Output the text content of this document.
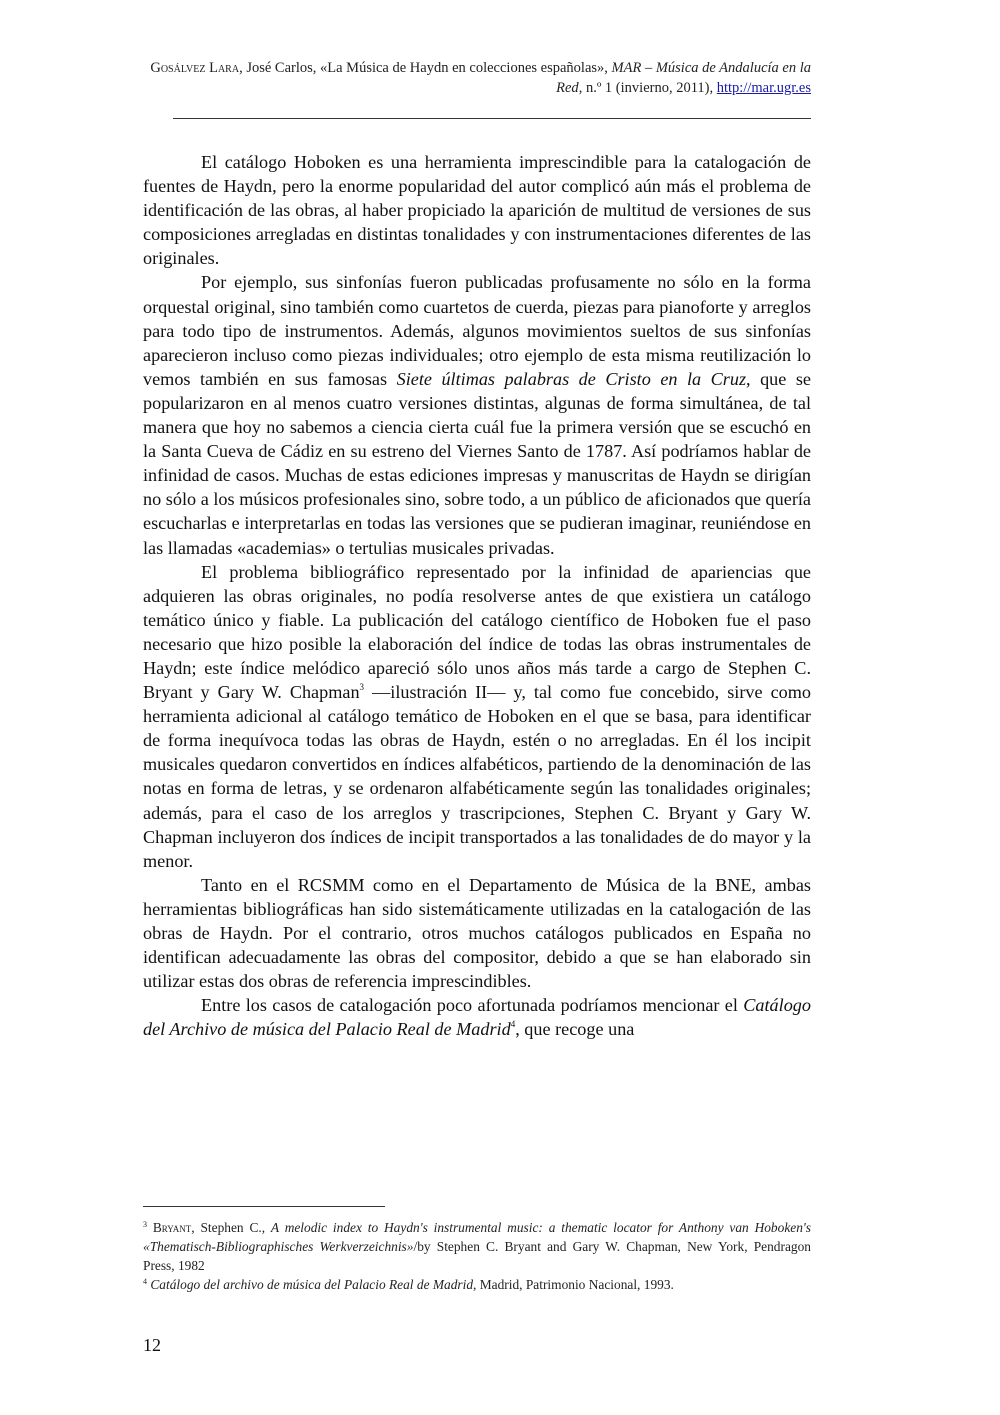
Gosálvez Lara, José Carlos, «La Música de Haydn en colecciones españolas», MAR – Música de Andalucía en la Red, n.º 1 (invierno, 2011), http://mar.ugr.es

El catálogo Hoboken es una herramienta imprescindible para la catalogación de fuentes de Haydn, pero la enorme popularidad del autor complicó aún más el problema de identificación de las obras, al haber propiciado la aparición de multitud de versiones de sus composiciones arregladas en distintas tonalidades y con instrumentaciones diferentes de las originales.

Por ejemplo, sus sinfonías fueron publicadas profusamente no sólo en la forma orquestal original, sino también como cuartetos de cuerda, piezas para pianoforte y arreglos para todo tipo de instrumentos. Además, algunos movimientos sueltos de sus sinfonías aparecieron incluso como piezas individuales; otro ejemplo de esta misma reutilización lo vemos también en sus famosas Siete últimas palabras de Cristo en la Cruz, que se popularizaron en al menos cuatro versiones distintas, algunas de forma simultánea, de tal manera que hoy no sabemos a ciencia cierta cuál fue la primera versión que se escuchó en la Santa Cueva de Cádiz en su estreno del Viernes Santo de 1787. Así podríamos hablar de infinidad de casos. Muchas de estas ediciones impresas y manuscritas de Haydn se dirigían no sólo a los músicos profesionales sino, sobre todo, a un público de aficionados que quería escucharlas e interpretarlas en todas las versiones que se pudieran imaginar, reuniéndose en las llamadas «academias» o tertulias musicales privadas.

El problema bibliográfico representado por la infinidad de apariencias que adquieren las obras originales, no podía resolverse antes de que existiera un catálogo temático único y fiable. La publicación del catálogo científico de Hoboken fue el paso necesario que hizo posible la elaboración del índice de todas las obras instrumentales de Haydn; este índice melódico apareció sólo unos años más tarde a cargo de Stephen C. Bryant y Gary W. Chapman$^3$ —ilustración II— y, tal como fue concebido, sirve como herramienta adicional al catálogo temático de Hoboken en el que se basa, para identificar de forma inequívoca todas las obras de Haydn, estén o no arregladas. En él los incipit musicales quedaron convertidos en índices alfabéticos, partiendo de la denominación de las notas en forma de letras, y se ordenaron alfabéticamente según las tonalidades originales; además, para el caso de los arreglos y trascripciones, Stephen C. Bryant y Gary W. Chapman incluyeron dos índices de incipit transportados a las tonalidades de do mayor y la menor.

Tanto en el RCSMM como en el Departamento de Música de la BNE, ambas herramientas bibliográficas han sido sistemáticamente utilizadas en la catalogación de las obras de Haydn. Por el contrario, otros muchos catálogos publicados en España no identifican adecuadamente las obras del compositor, debido a que se han elaborado sin utilizar estas dos obras de referencia imprescindibles.

Entre los casos de catalogación poco afortunada podríamos mencionar el Catálogo del Archivo de música del Palacio Real de Madrid$^4$, que recoge una

$^3$ Bryant, Stephen C., A melodic index to Haydn's instrumental music: a thematic locator for Anthony van Hoboken's «Thematisch-Bibliographisches Werkverzeichnis»/by Stephen C. Bryant and Gary W. Chapman, New York, Pendragon Press, 1982

$^4$ Catálogo del archivo de música del Palacio Real de Madrid, Madrid, Patrimonio Nacional, 1993.

12
